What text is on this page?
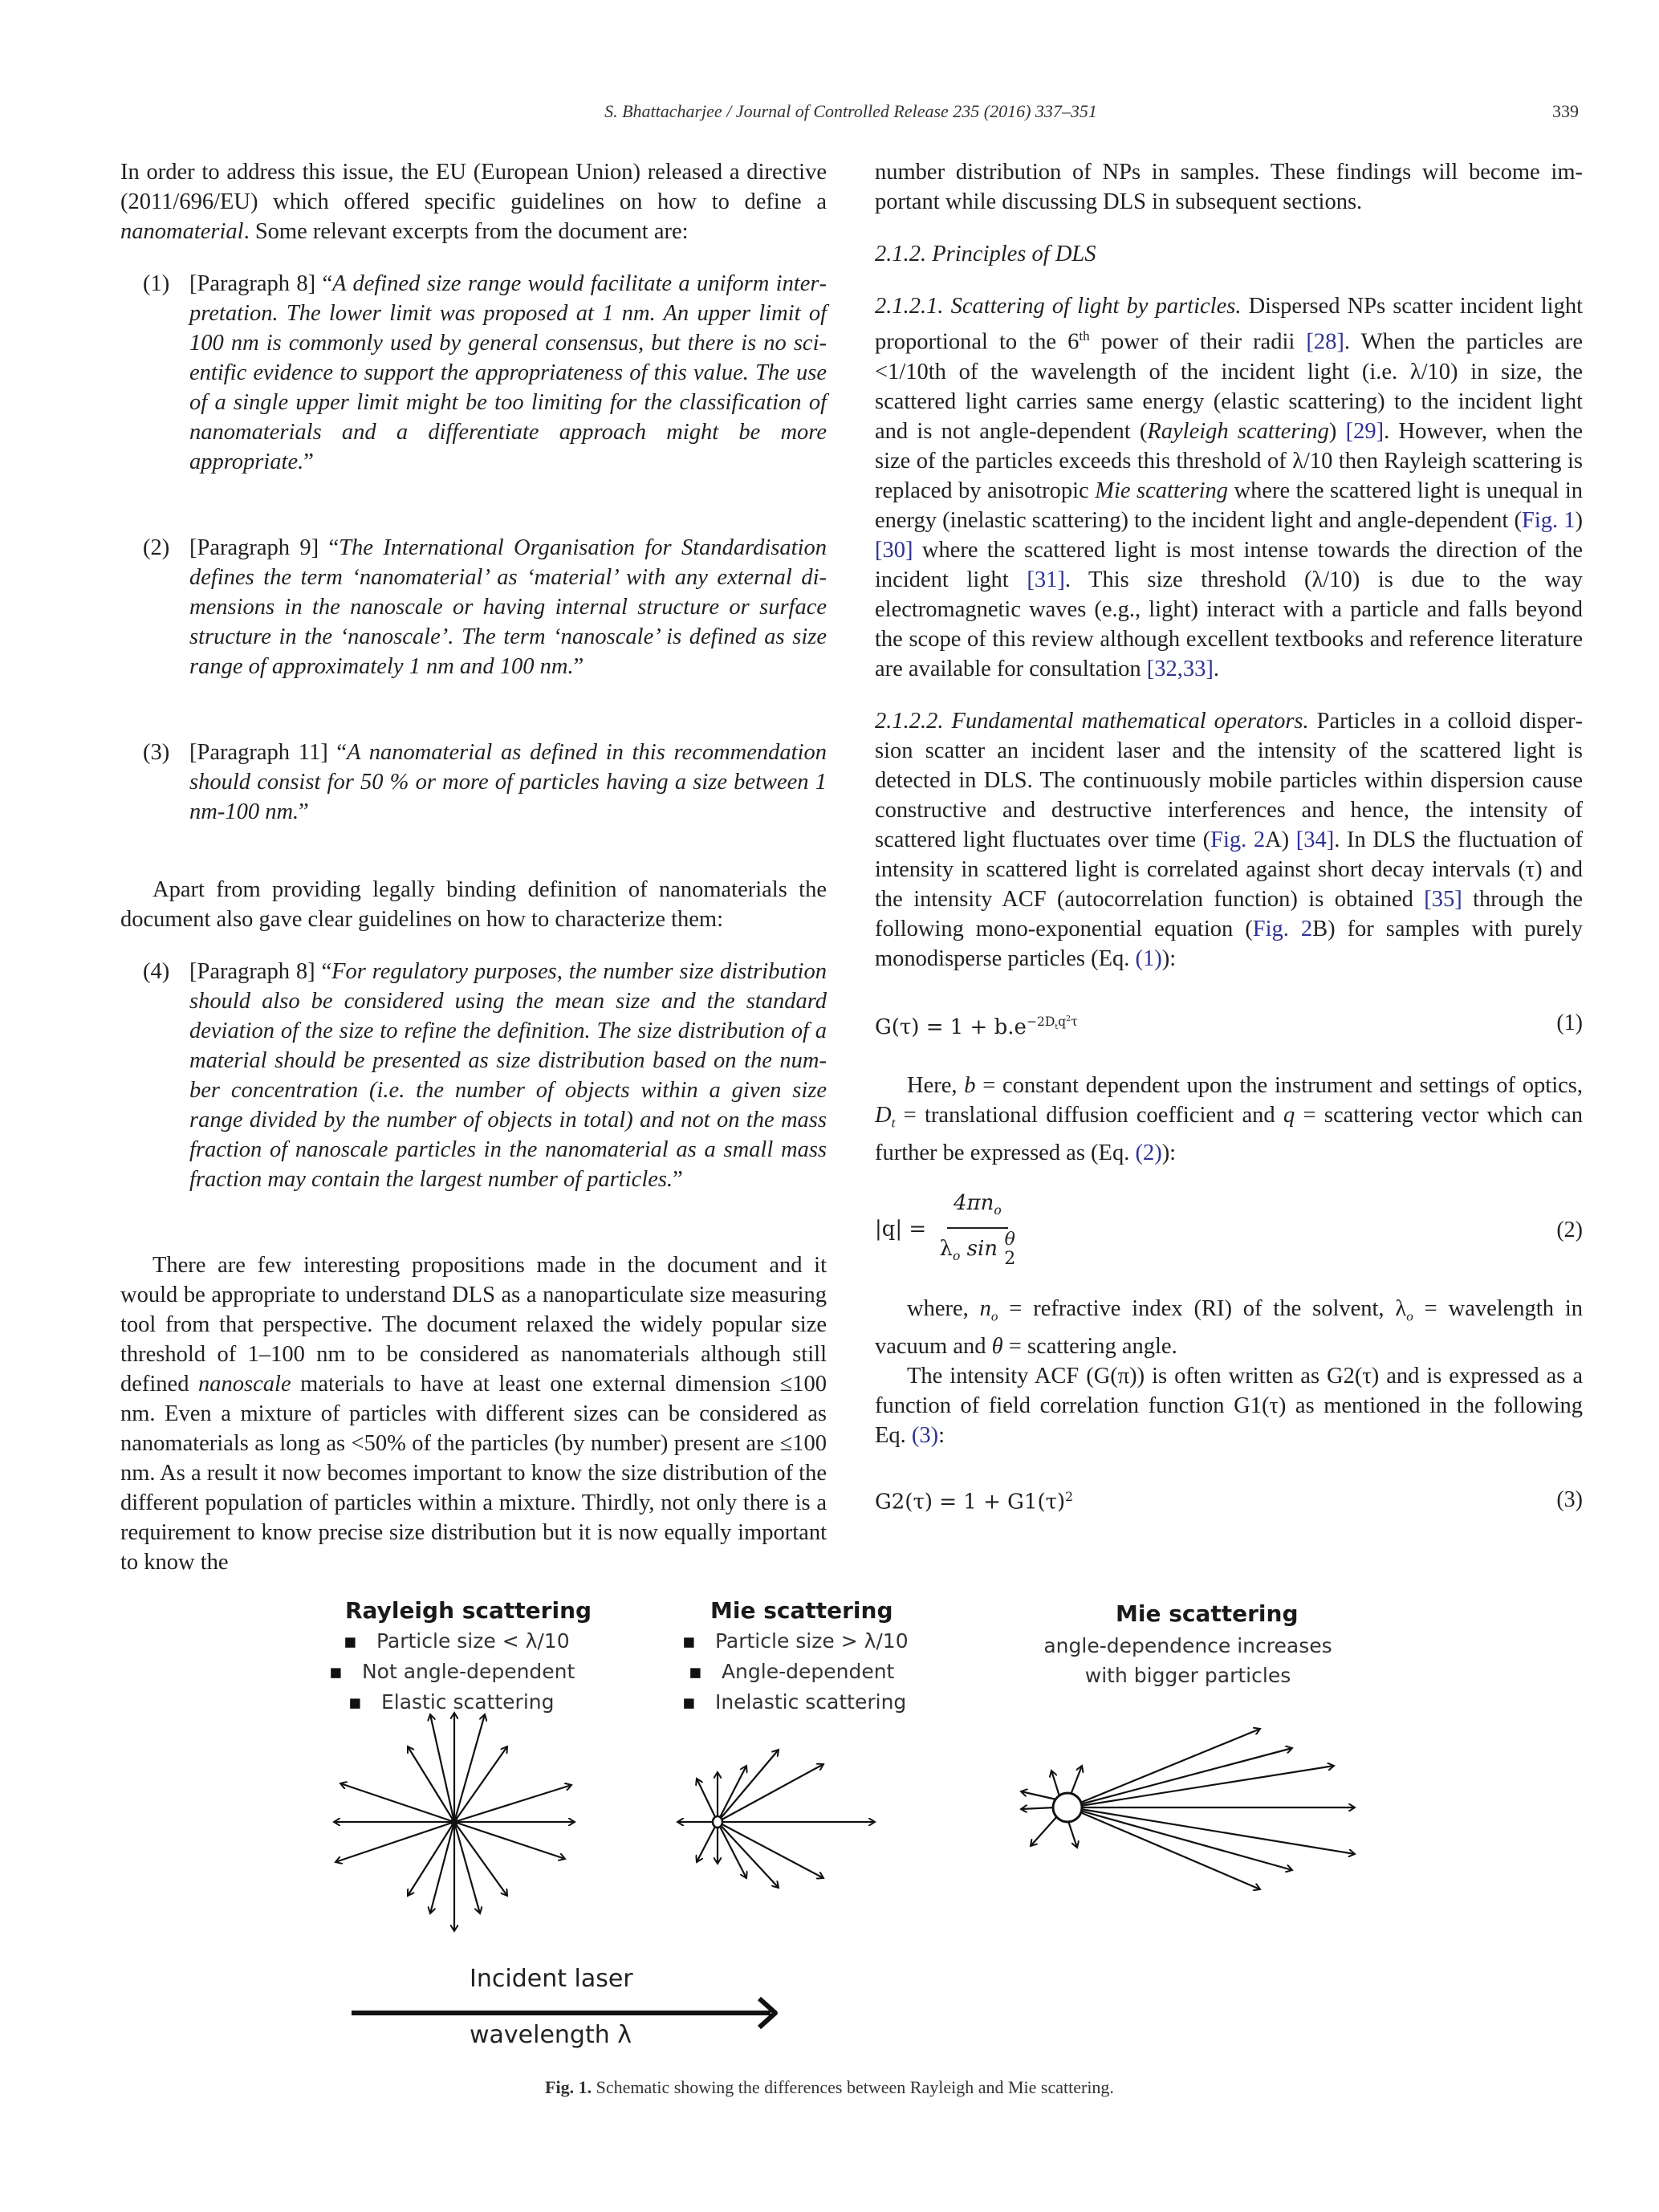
S. Bhattacharjee / Journal of Controlled Release 235 (2016) 337–351	339

In order to address this issue, the EU (European Union) released a directive (2011/696/EU) which offered specific guidelines on how to define a nanomaterial. Some relevant excerpts from the document are:

(1) [Paragraph 8] “A defined size range would facilitate a uniform interpretation. The lower limit was proposed at 1 nm. An upper limit of 100 nm is commonly used by general consensus, but there is no scientific evidence to support the appropriateness of this value. The use of a single upper limit might be too limiting for the classification of nanomaterials and a differentiate approach might be more appropriate.”
(2) [Paragraph 9] “The International Organisation for Standardisation defines the term ‘nanomaterial’ as ‘material’ with any external dimensions in the nanoscale or having internal structure or surface structure in the ‘nanoscale’. The term ‘nanoscale’ is defined as size range of approximately 1 nm and 100 nm.”
(3) [Paragraph 11] “A nanomaterial as defined in this recommendation should consist for 50 % or more of particles having a size between 1 nm-100 nm.”

Apart from providing legally binding definition of nanomaterials the document also gave clear guidelines on how to characterize them:

(4) [Paragraph 8] “For regulatory purposes, the number size distribution should also be considered using the mean size and the standard deviation of the size to refine the definition. The size distribution of a material should be presented as size distribution based on the number concentration (i.e. the number of objects within a given size range divided by the number of objects in total) and not on the mass fraction of nanoscale particles in the nanomaterial as a small mass fraction may contain the largest number of particles.”

There are few interesting propositions made in the document and it would be appropriate to understand DLS as a nanoparticulate size measuring tool from that perspective. The document relaxed the widely popular size threshold of 1–100 nm to be considered as nanomaterials although still defined nanoscale materials to have at least one external dimension ≤100 nm. Even a mixture of particles with different sizes can be considered as nanomaterials as long as <50% of the particles (by number) present are ≤100 nm. As a result it now becomes important to know the size distribution of the different population of particles within a mixture. Thirdly, not only there is a requirement to know precise size distribution but it is now equally important to know the

number distribution of NPs in samples. These findings will become important while discussing DLS in subsequent sections.

2.1.2. Principles of DLS

2.1.2.1. Scattering of light by particles. Dispersed NPs scatter incident light proportional to the 6th power of their radii [28]. When the particles are <1/10th of the wavelength of the incident light (i.e. λ/10) in size, the scattered light carries same energy (elastic scattering) to the incident light and is not angle-dependent (Rayleigh scattering) [29]. However, when the size of the particles exceeds this threshold of λ/10 then Rayleigh scattering is replaced by anisotropic Mie scattering where the scattered light is unequal in energy (inelastic scattering) to the incident light and angle-dependent (Fig. 1) [30] where the scattered light is most intense towards the direction of the incident light [31]. This size threshold (λ/10) is due to the way electromagnetic waves (e.g., light) interact with a particle and falls beyond the scope of this review although excellent textbooks and reference literature are available for consultation [32,33].

2.1.2.2. Fundamental mathematical operators. Particles in a colloid dispersion scatter an incident laser and the intensity of the scattered light is detected in DLS. The continuously mobile particles within dispersion cause constructive and destructive interferences and hence, the intensity of scattered light fluctuates over time (Fig. 2A) [34]. In DLS the fluctuation of intensity in scattered light is correlated against short decay intervals (τ) and the intensity ACF (autocorrelation function) is obtained [35] through the following mono-exponential equation (Fig. 2B) for samples with purely monodisperse particles (Eq. (1)):

$G(\tau) = 1 + b.e^{-2D_tq^2\tau}$	(1)

Here, b = constant dependent upon the instrument and settings of optics, $D_t$ = translational diffusion coefficient and q = scattering vector which can further be expressed as (Eq. (2)):

$|q| = 4\pi n_o$
$\lambda_o$ sin θ
2	(2)

where, $n_o$ = refractive index (RI) of the solvent, $\lambda_o$ = wavelength in vacuum and θ = scattering angle.

The intensity ACF (G(π)) is often written as G2(τ) and is expressed as a function of field correlation function G1(τ) as mentioned in the following Eq. (3):

$G2(\tau) = 1 + G1(\tau)^2$	(3)
Rayleigh scattering
▪ Particle size < λ/10
▪ Not angle-dependent
▪ Elastic scattering
Mie scattering
▪ Particle size > λ/10
▪ Angle-dependent
▪ Inelastic scattering
Mie scattering
angle-dependence increases
with bigger particles
Incident laser
wavelength λ
Fig. 1. Schematic showing the differences between Rayleigh and Mie scattering.
